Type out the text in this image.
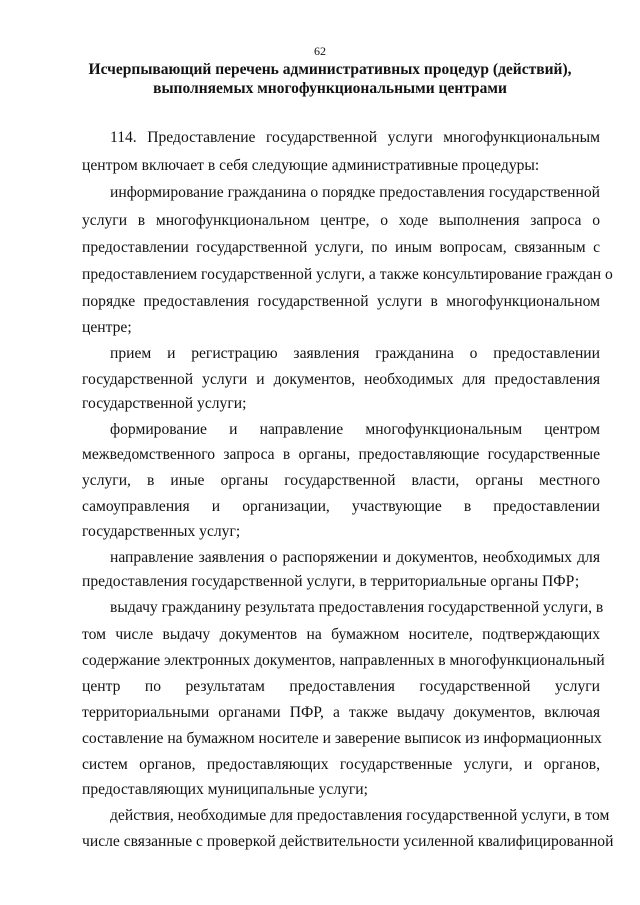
62
Исчерпывающий перечень административных процедур (действий),
выполняемых многофункциональными центрами
114. Предоставление государственной услуги многофункциональным
центром включает в себя следующие административные процедуры:
информирование гражданина о порядке предоставления государственной
услуги в многофункциональном центре, о ходе выполнения запроса о
предоставлении государственной услуги, по иным вопросам, связанным с
предоставлением государственной услуги, а также консультирование граждан о
порядке предоставления государственной услуги в многофункциональном
центре;
прием и регистрацию заявления гражданина о предоставлении
государственной услуги и документов, необходимых для предоставления
государственной услуги;
формирование и направление многофункциональным центром
межведомственного запроса в органы, предоставляющие государственные
услуги, в иные органы государственной власти, органы местного
самоуправления и организации, участвующие в предоставлении
государственных услуг;
направление заявления о распоряжении и документов, необходимых для
предоставления государственной услуги, в территориальные органы ПФР;
выдачу гражданину результата предоставления государственной услуги, в
том числе выдачу документов на бумажном носителе, подтверждающих
содержание электронных документов, направленных в многофункциональный
центр по результатам предоставления государственной услуги
территориальными органами ПФР, а также выдачу документов, включая
составление на бумажном носителе и заверение выписок из информационных
систем органов, предоставляющих государственные услуги, и органов,
предоставляющих муниципальные услуги;
действия, необходимые для предоставления государственной услуги, в том
числе связанные с проверкой действительности усиленной квалифицированной
